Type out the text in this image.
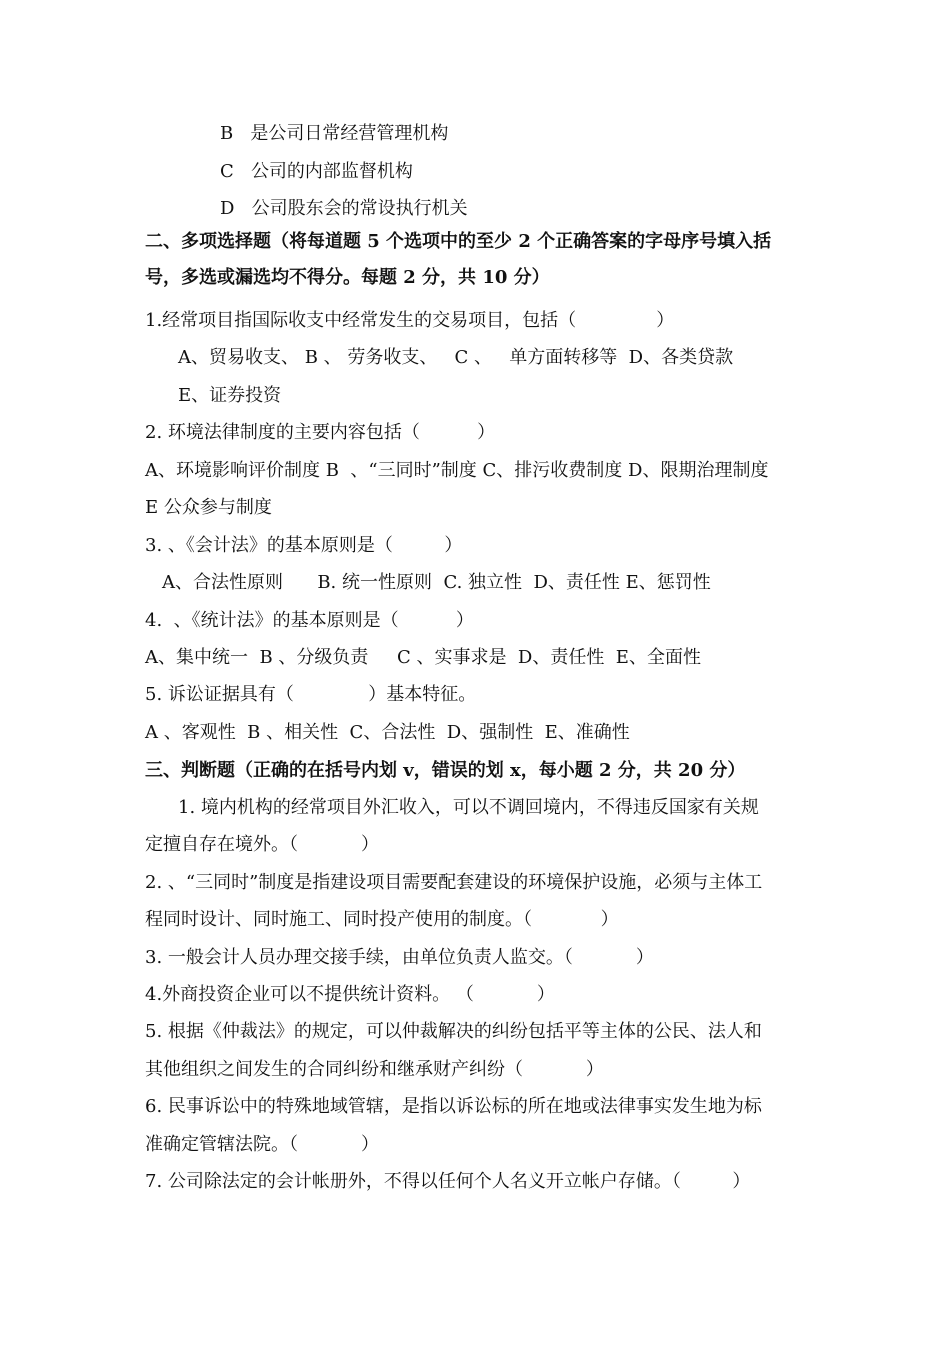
B   是公司日常经营管理机构
C   公司的内部监督机构
D   公司股东会的常设执行机关
二、多项选择题（将每道题 5 个选项中的至少 2 个正确答案的字母序号填入括
号，多选或漏选均不得分。每题 2 分，共 10 分）
1.经常项目指国际收支中经常发生的交易项目，包括（              ）
A、贸易收支、 B 、 劳务收支、   C 、   单方面转移等  D、各类贷款
E、证券投资
2. 环境法律制度的主要内容包括（          ）
A、环境影响评价制度 B  、“三同时”制度 C、排污收费制度 D、限期治理制度
E 公众参与制度
3. 、《会计法》的基本原则是（         ）
A、合法性原则      B. 统一性原则  C. 独立性  D、责任性 E、惩罚性
4.  、《统计法》的基本原则是（          ）
A、集中统一  B 、分级负责     C 、实事求是  D、责任性  E、全面性
5. 诉讼证据具有（             ）基本特征。
A 、客观性  B 、相关性  C、合法性  D、强制性  E、准确性
三、判断题（正确的在括号内划 v，错误的划 x，每小题 2 分，共 20 分）
1. 境内机构的经常项目外汇收入，可以不调回境内，不得违反国家有关规
定擅自存在境外。（           ）
2. 、“三同时”制度是指建设项目需要配套建设的环境保护设施，必须与主体工
程同时设计、同时施工、同时投产使用的制度。（            ）
3. 一般会计人员办理交接手续，由单位负责人监交。（           ）
4.外商投资企业可以不提供统计资料。 （           ）
5. 根据《仲裁法》的规定，可以仲裁解决的纠纷包括平等主体的公民、法人和
其他组织之间发生的合同纠纷和继承财产纠纷（           ）
6. 民事诉讼中的特殊地域管辖，是指以诉讼标的所在地或法律事实发生地为标
准确定管辖法院。（           ）
7. 公司除法定的会计帐册外，不得以任何个人名义开立帐户存储。（         ）
